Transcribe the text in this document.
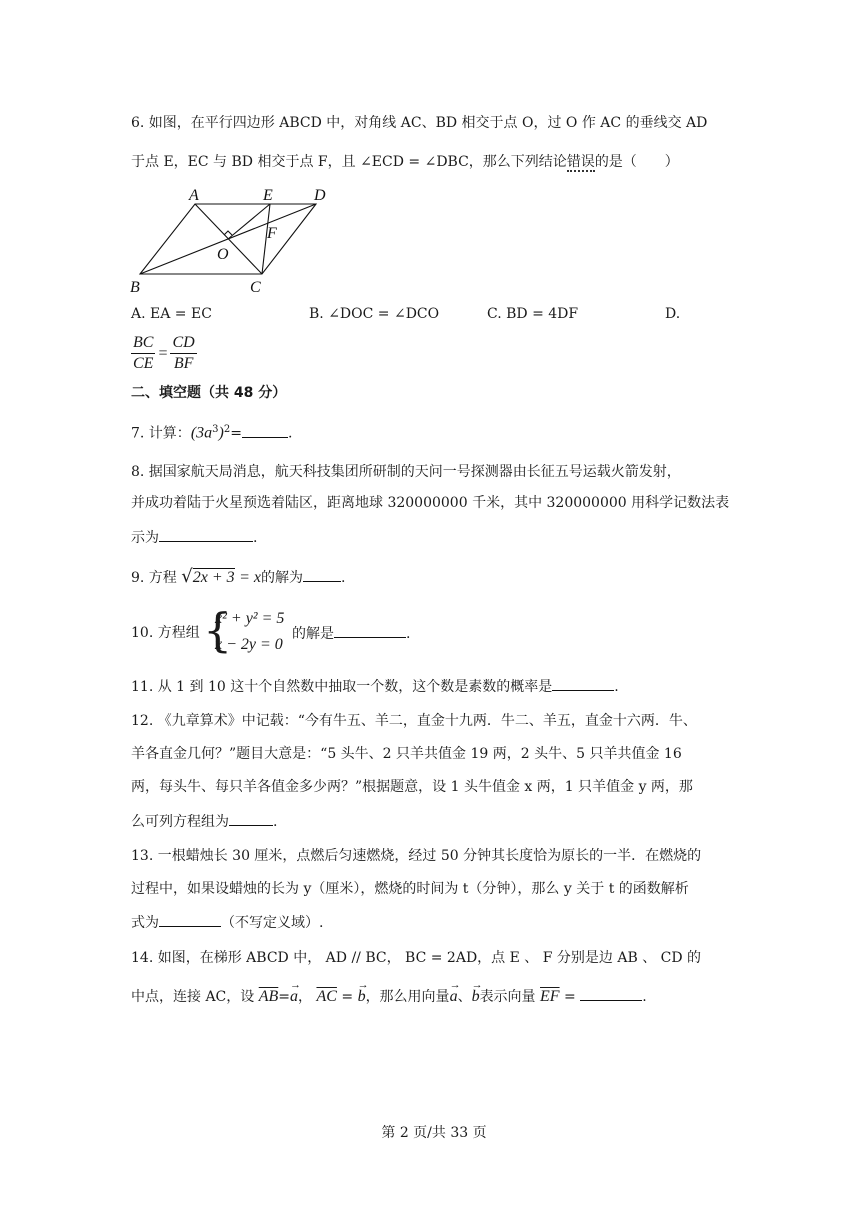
6. 如图，在平行四边形 ABCD 中，对角线 AC、BD 相交于点 O，过 O 作 AC 的垂线交 AD
于点 E，EC 与 BD 相交于点 F，且 ∠ECD = ∠DBC，那么下列结论错误的是（　　）
A	E	D
F
O
B	C
A. EA = EC	B. ∠DOC = ∠DCO	C. BD = 4DF	D.
$\frac{BC}{CE} = \frac{CD}{BF}$
二、填空题（共 48 分）
7. 计算：$(3a^3)^2=$	.
8. 据国家航天局消息，航天科技集团所研制的天问一号探测器由长征五号运载火箭发射，
并成功着陆于火星预选着陆区，距离地球 320000000 千米，其中 320000000 用科学记数法表
示为	.
9. 方程 √2x + 3 = x的解为	.
10. 方程组 {
x² + y² = 5
x − 2y = 0
的解是	.
11. 从 1 到 10 这十个自然数中抽取一个数，这个数是素数的概率是	.
12. 《九章算术》中记载：“今有牛五、羊二，直金十九两．牛二、羊五，直金十六两．牛、
羊各直金几何？”题目大意是：“5 头牛、2 只羊共值金 19 两，2 头牛、5 只羊共值金 16
两，每头牛、每只羊各值金多少两？”根据题意，设 1 头牛值金 x 两，1 只羊值金 y 两，那
么可列方程组为	.
13. 一根蜡烛长 30 厘米，点燃后匀速燃烧，经过 50 分钟其长度恰为原长的一半．在燃烧的
过程中，如果设蜡烛的长为 y（厘米），燃烧的时间为 t（分钟），那么 y 关于 t 的函数解析
式为	（不写定义域）.
14. 如图，在梯形 ABCD 中， AD // BC， BC = 2AD，点 E 、 F 分别是边 AB 、 CD 的
中点，连接 AC，设 $\overline{AB}=\to a$， $\overline{AC}$ = → b，那么用向量→ a、→ b表示向量 $\overline{EF}$ =	.
第 2 页/共 33 页
